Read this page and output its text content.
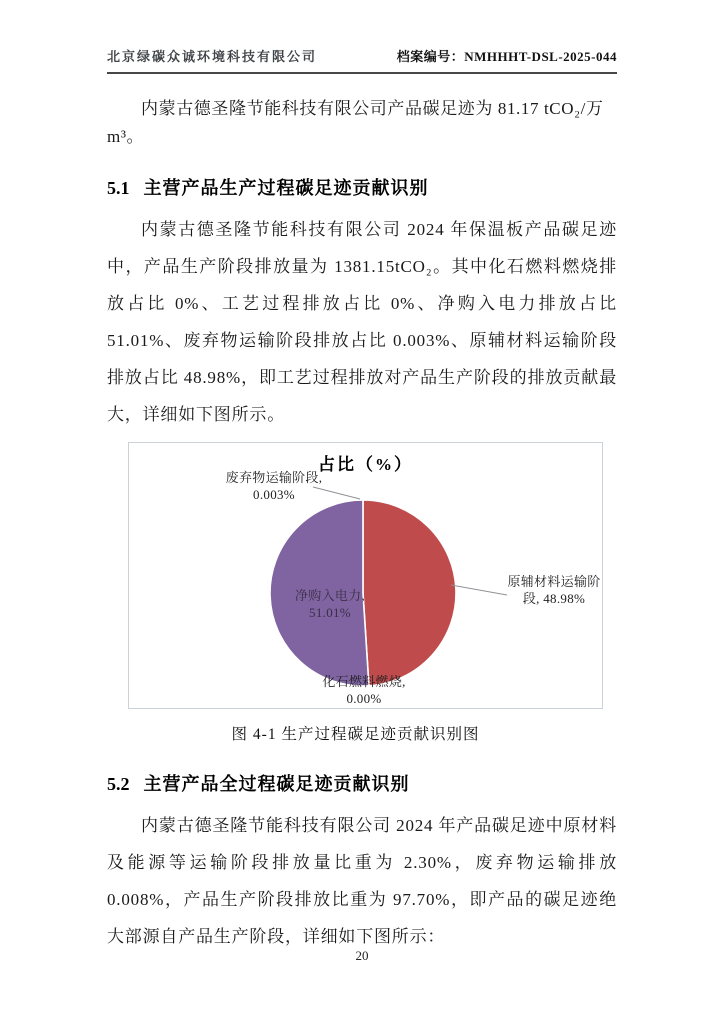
北京绿碳众诚环境科技有限公司	档案编号：NMHHHT-DSL-2025-044

内蒙古德圣隆节能科技有限公司产品碳足迹为 81.17 tCO₂/万 m³。

5.1 主营产品生产过程碳足迹贡献识别

内蒙古德圣隆节能科技有限公司 2024 年保温板产品碳足迹中，产品生产阶段排放量为 1381.15tCO₂。其中化石燃料燃烧排放占比 0%、工艺过程排放占比 0%、净购入电力排放占比 51.01%、废弃物运输阶段排放占比 0.003%、原辅材料运输阶段排放占比 48.98%，即工艺过程排放对产品生产阶段的排放贡献最大，详细如下图所示。

占比（%）
废弃物运输阶段, 0.003%
原辅材料运输阶段, 48.98%
净购入电力, 51.01%
化石燃料燃烧, 0.00%
图 4-1 生产过程碳足迹贡献识别图
5.2 主营产品全过程碳足迹贡献识别

内蒙古德圣隆节能科技有限公司 2024 年产品碳足迹中原材料及能源等运输阶段排放量比重为 2.30%，废弃物运输排放 0.008%，产品生产阶段排放比重为 97.70%，即产品的碳足迹绝大部源自产品生产阶段，详细如下图所示：

20
